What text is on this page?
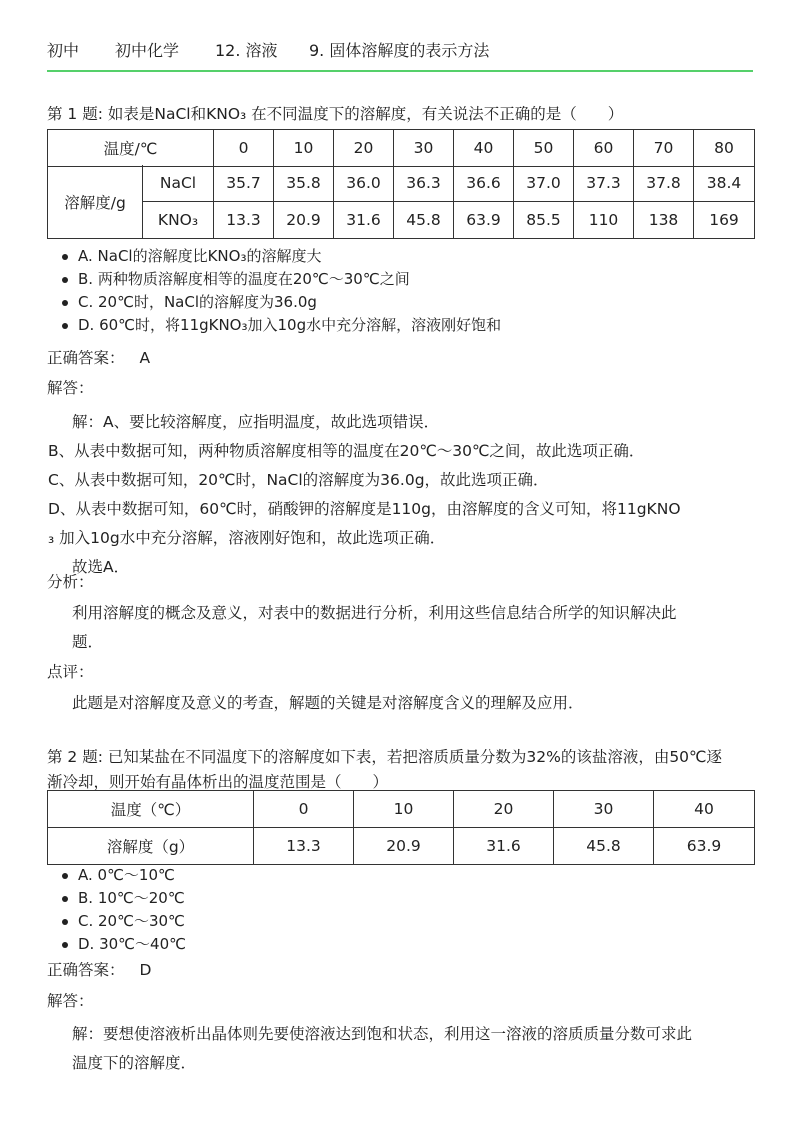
初中 初中化学 12. 溶液 9. 固体溶解度的表示方法

第 1 题: 如表是NaCl和KNO₃ 在不同温度下的溶解度，有关说法不正确的是（　　）

温度/℃	0	10	20	30	40	50	60	70	80
溶解度/g	NaCl	35.7	35.8	36.0	36.3	36.6	37.0	37.3	37.8	38.4
	KNO₃	13.3	20.9	31.6	45.8	63.9	85.5	110	138	169
A. NaCl的溶解度比KNO₃的溶解度大
B. 两种物质溶解度相等的温度在20℃～30℃之间
C. 20℃时，NaCl的溶解度为36.0g
D. 60℃时，将11gKNO₃加入10g水中充分溶解，溶液刚好饱和
正确答案： A
解答：
解：A、要比较溶解度，应指明温度，故此选项错误．
B、从表中数据可知，两种物质溶解度相等的温度在20℃～30℃之间，故此选项正确．
C、从表中数据可知，20℃时，NaCl的溶解度为36.0g，故此选项正确．
D、从表中数据可知，60℃时，硝酸钾的溶解度是110g，由溶解度的含义可知，将11gKNO
₃ 加入10g水中充分溶解，溶液刚好饱和，故此选项正确．
故选A．
分析：
利用溶解度的概念及意义，对表中的数据进行分析，利用这些信息结合所学的知识解决此
题．
点评：
此题是对溶解度及意义的考查，解题的关键是对溶解度含义的理解及应用．
第 2 题: 已知某盐在不同温度下的溶解度如下表，若把溶质质量分数为32%的该盐溶液，由50℃逐
渐冷却，则开始有晶体析出的温度范围是（　　）
温度（℃）	0	10	20	30	40
溶解度（g）	13.3	20.9	31.6	45.8	63.9
A. 0℃～10℃
B. 10℃～20℃
C. 20℃～30℃
D. 30℃～40℃
正确答案： D
解答：
解：要想使溶液析出晶体则先要使溶液达到饱和状态，利用这一溶液的溶质质量分数可求此
温度下的溶解度．
